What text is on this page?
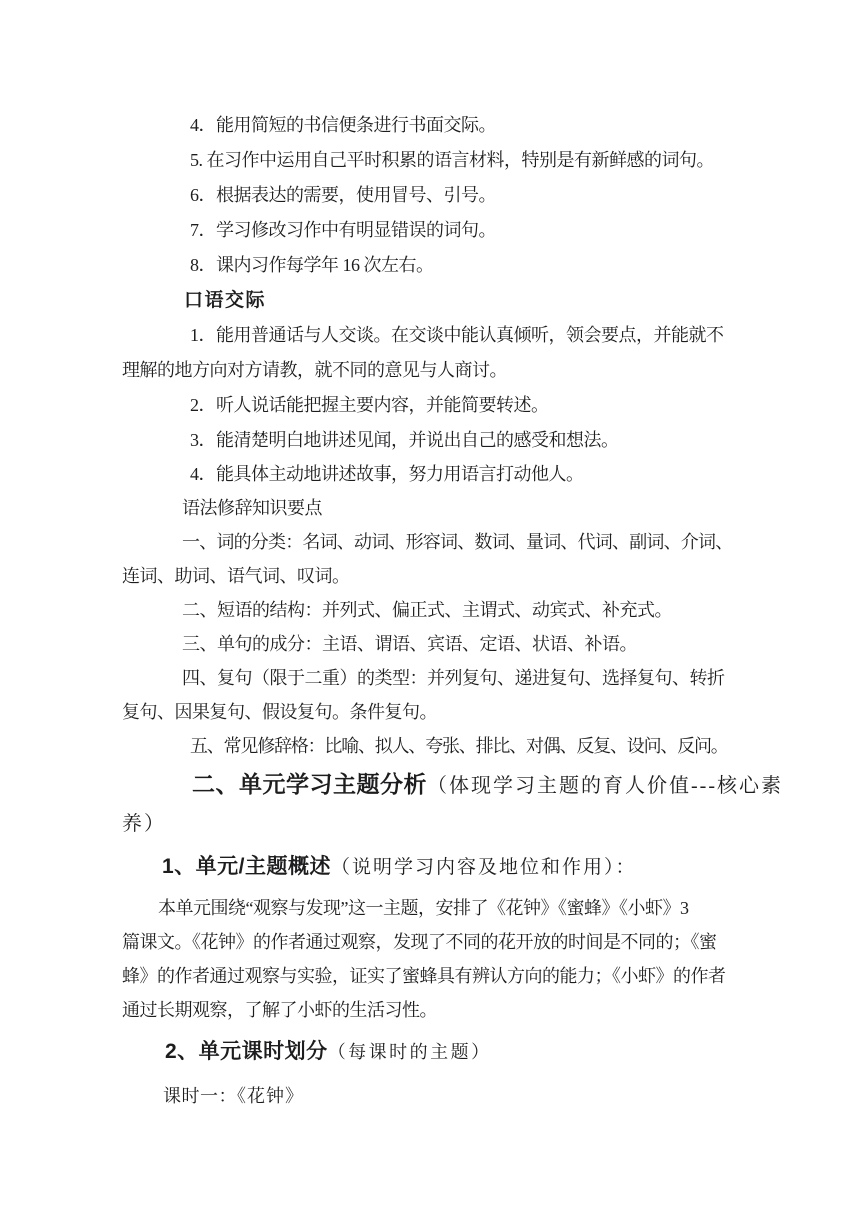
4．能用简短的书信便条进行书面交际。
5. 在习作中运用自己平时积累的语言材料，特别是有新鲜感的词句。
6．根据表达的需要，使用冒号、引号。
7．学习修改习作中有明显错误的词句。
8．课内习作每学年 16 次左右。
口语交际
1．能用普通话与人交谈。在交谈中能认真倾听，领会要点，并能就不
理解的地方向对方请教，就不同的意见与人商讨。
2．听人说话能把握主要内容，并能简要转述。
3．能清楚明白地讲述见闻，并说出自己的感受和想法。
4．能具体主动地讲述故事，努力用语言打动他人。
语法修辞知识要点
一、词的分类：名词、动词、形容词、数词、量词、代词、副词、介词、
连词、助词、语气词、叹词。
二、短语的结构：并列式、偏正式、主谓式、动宾式、补充式。
三、单句的成分：主语、谓语、宾语、定语、状语、补语。
四、复句（限于二重）的类型：并列复句、递进复句、选择复句、转折
复句、因果复句、假设复句。条件复句。
五、常见修辞格：比喻、拟人、夸张、排比、对偶、反复、设问、反问。
二、单元学习主题分析（体现学习主题的育人价值---核心素
养）
1、单元/主题概述（说明学习内容及地位和作用）：
本单元围绕“观察与发现”这一主题，安排了《花钟》《蜜蜂》《小虾》3
篇课文。《花钟》的作者通过观察，发现了不同的花开放的时间是不同的；《蜜
蜂》的作者通过观察与实验，证实了蜜蜂具有辨认方向的能力；《小虾》的作者
通过长期观察，了解了小虾的生活习性。
2、单元课时划分（每课时的主题）
课时一：《花钟》
